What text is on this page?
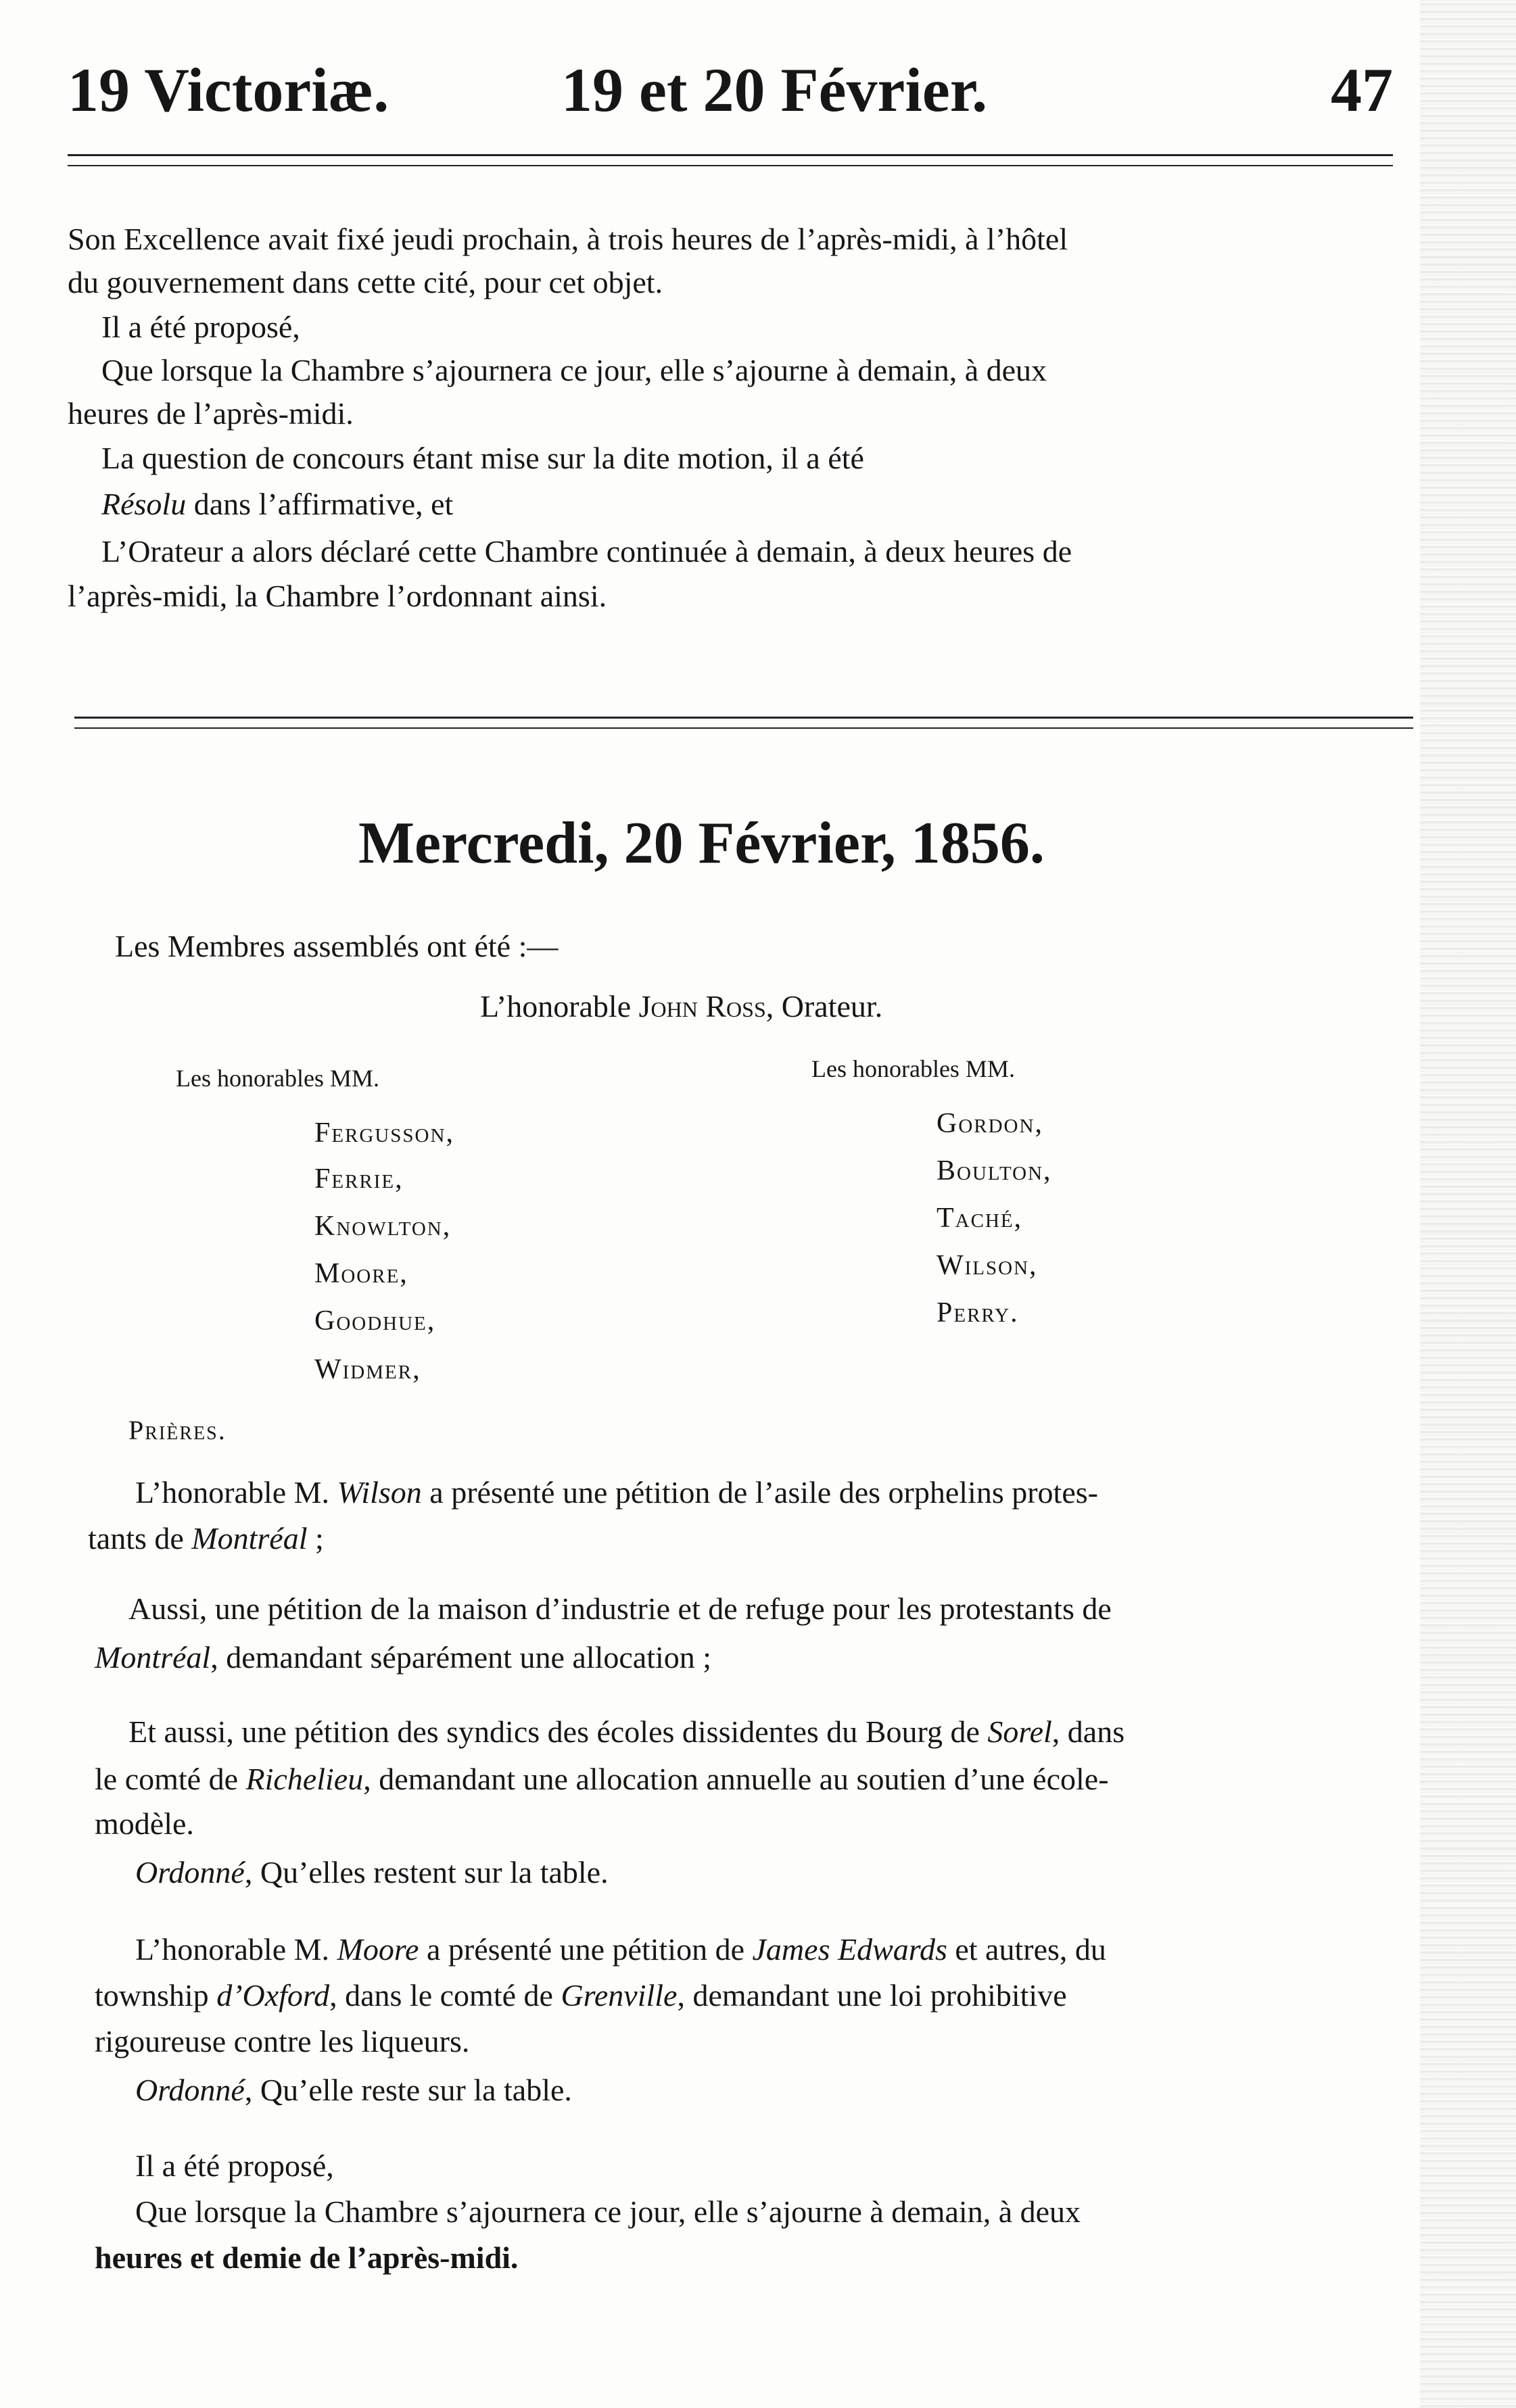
19 Victoriæ.	19 et 20 Février.	47
Son Excellence avait fixé jeudi prochain, à trois heures de l’après-midi, à l’hôtel
du gouvernement dans cette cité, pour cet objet.
Il a été proposé,
Que lorsque la Chambre s’ajournera ce jour, elle s’ajourne à demain, à deux
heures de l’après-midi.
La question de concours étant mise sur la dite motion, il a été
Résolu dans l’affirmative, et
L’Orateur a alors déclaré cette Chambre continuée à demain, à deux heures de
l’après-midi, la Chambre l’ordonnant ainsi.
Mercredi, 20 Février, 1856.
Les Membres assemblés ont été :—
L’honorable John Ross, Orateur.
Les honorables MM.	Les honorables MM.
Fergusson,
Ferrie,
Knowlton,
Moore,
Goodhue,
Widmer,
Gordon,
Boulton,
Taché,
Wilson,
Perry.
Prières.
L’honorable M. Wilson a présenté une pétition de l’asile des orphelins protes-
tants de Montréal ;
Aussi, une pétition de la maison d’industrie et de refuge pour les protestants de
Montréal, demandant séparément une allocation ;
Et aussi, une pétition des syndics des écoles dissidentes du Bourg de Sorel, dans
le comté de Richelieu, demandant une allocation annuelle au soutien d’une école-
modèle.
Ordonné, Qu’elles restent sur la table.
L’honorable M. Moore a présenté une pétition de James Edwards et autres, du
township d’Oxford, dans le comté de Grenville, demandant une loi prohibitive
rigoureuse contre les liqueurs.
Ordonné, Qu’elle reste sur la table.
Il a été proposé,
Que lorsque la Chambre s’ajournera ce jour, elle s’ajourne à demain, à deux
heures et demie de l’après-midi.
